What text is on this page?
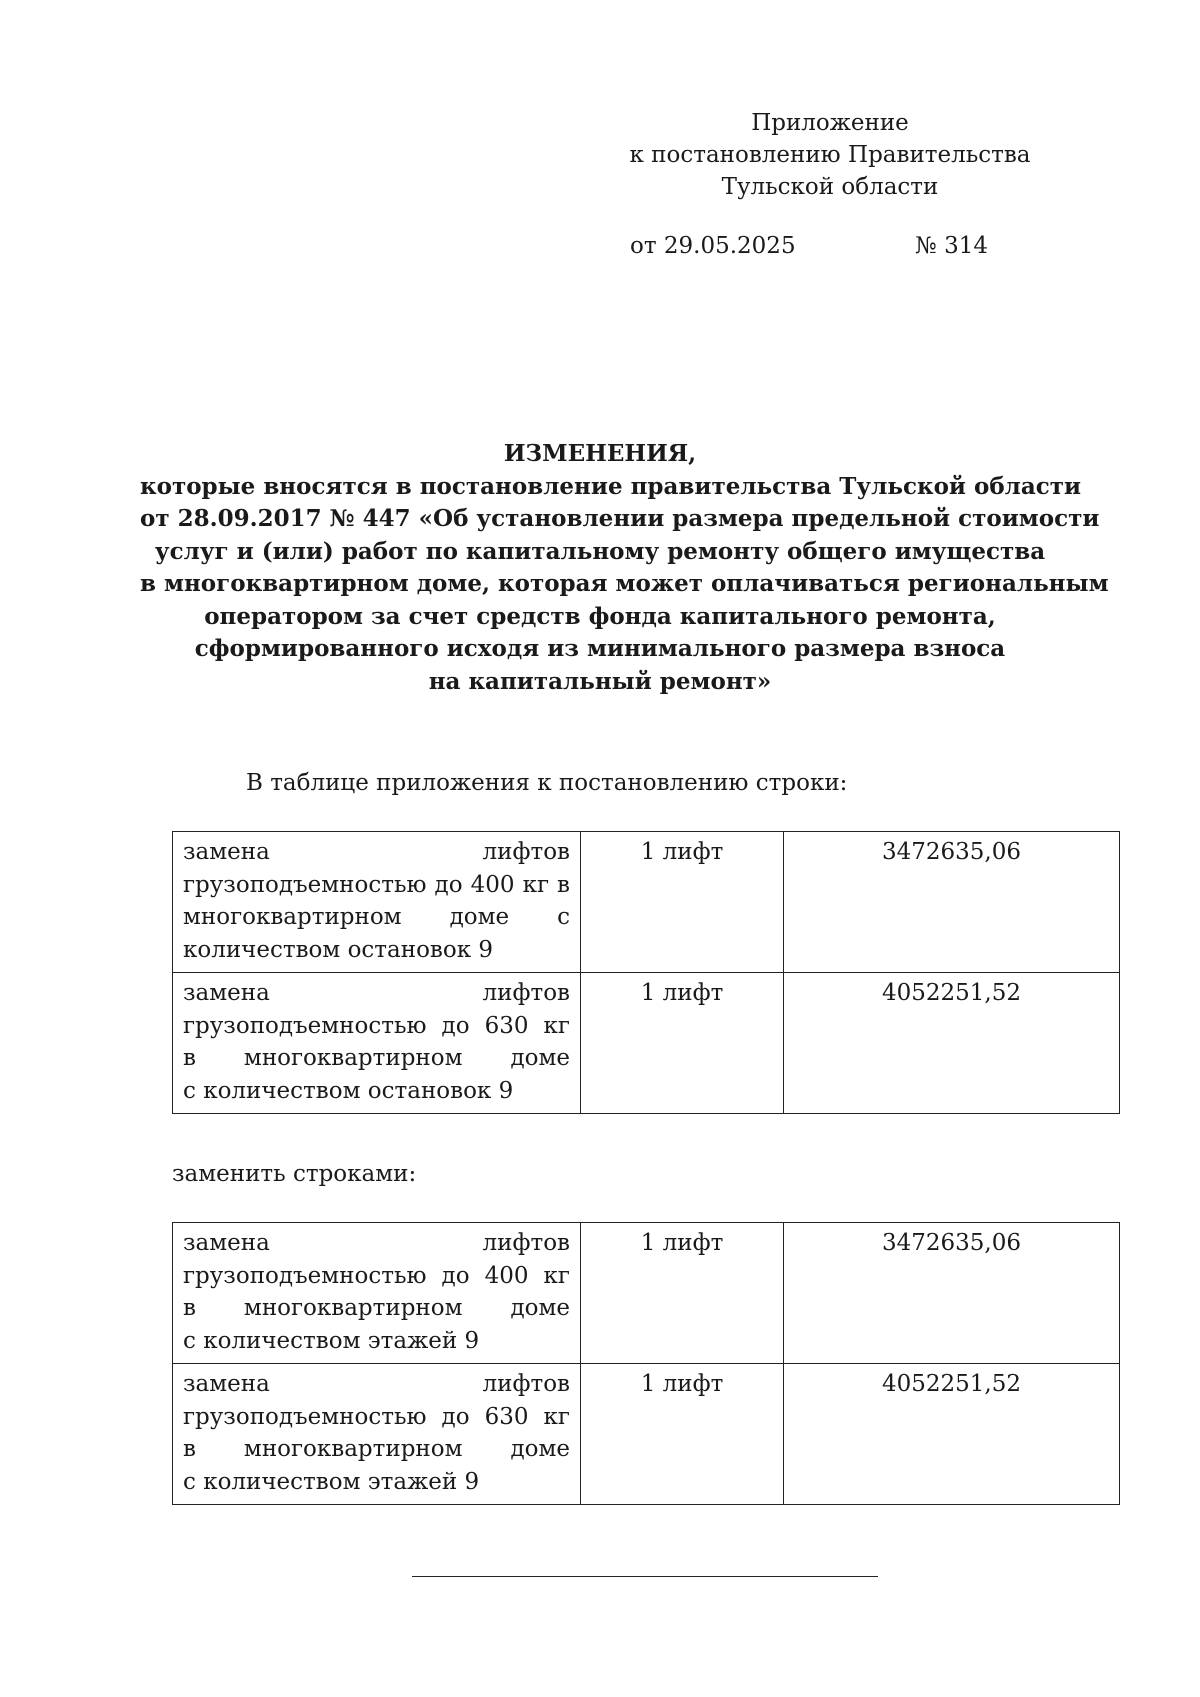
Приложение
к постановлению Правительства
Тульской области
от 29.05.2025	№ 314
ИЗМЕНЕНИЯ,
которые вносятся в постановление правительства Тульской области
от 28.09.2017 № 447 «Об установлении размера предельной стоимости
услуг и (или) работ по капитальному ремонту общего имущества
в многоквартирном доме, которая может оплачиваться региональным
оператором за счет средств фонда капитального ремонта,
сформированного исходя из минимального размера взноса
на капитальный ремонт»
В таблице приложения к постановлению строки:
замена лифтов
грузоподъемностью до 400 кг в
многоквартирном доме с
количеством остановок 9	1 лифт	3472635,06

замена лифтов
грузоподъемностью до 630 кг
в многоквартирном доме
с количеством остановок 9	1 лифт	4052251,52
заменить строками:
замена лифтов
грузоподъемностью до 400 кг
в многоквартирном доме
с количеством этажей 9	1 лифт	3472635,06

замена лифтов
грузоподъемностью до 630 кг
в многоквартирном доме
с количеством этажей 9	1 лифт	4052251,52
